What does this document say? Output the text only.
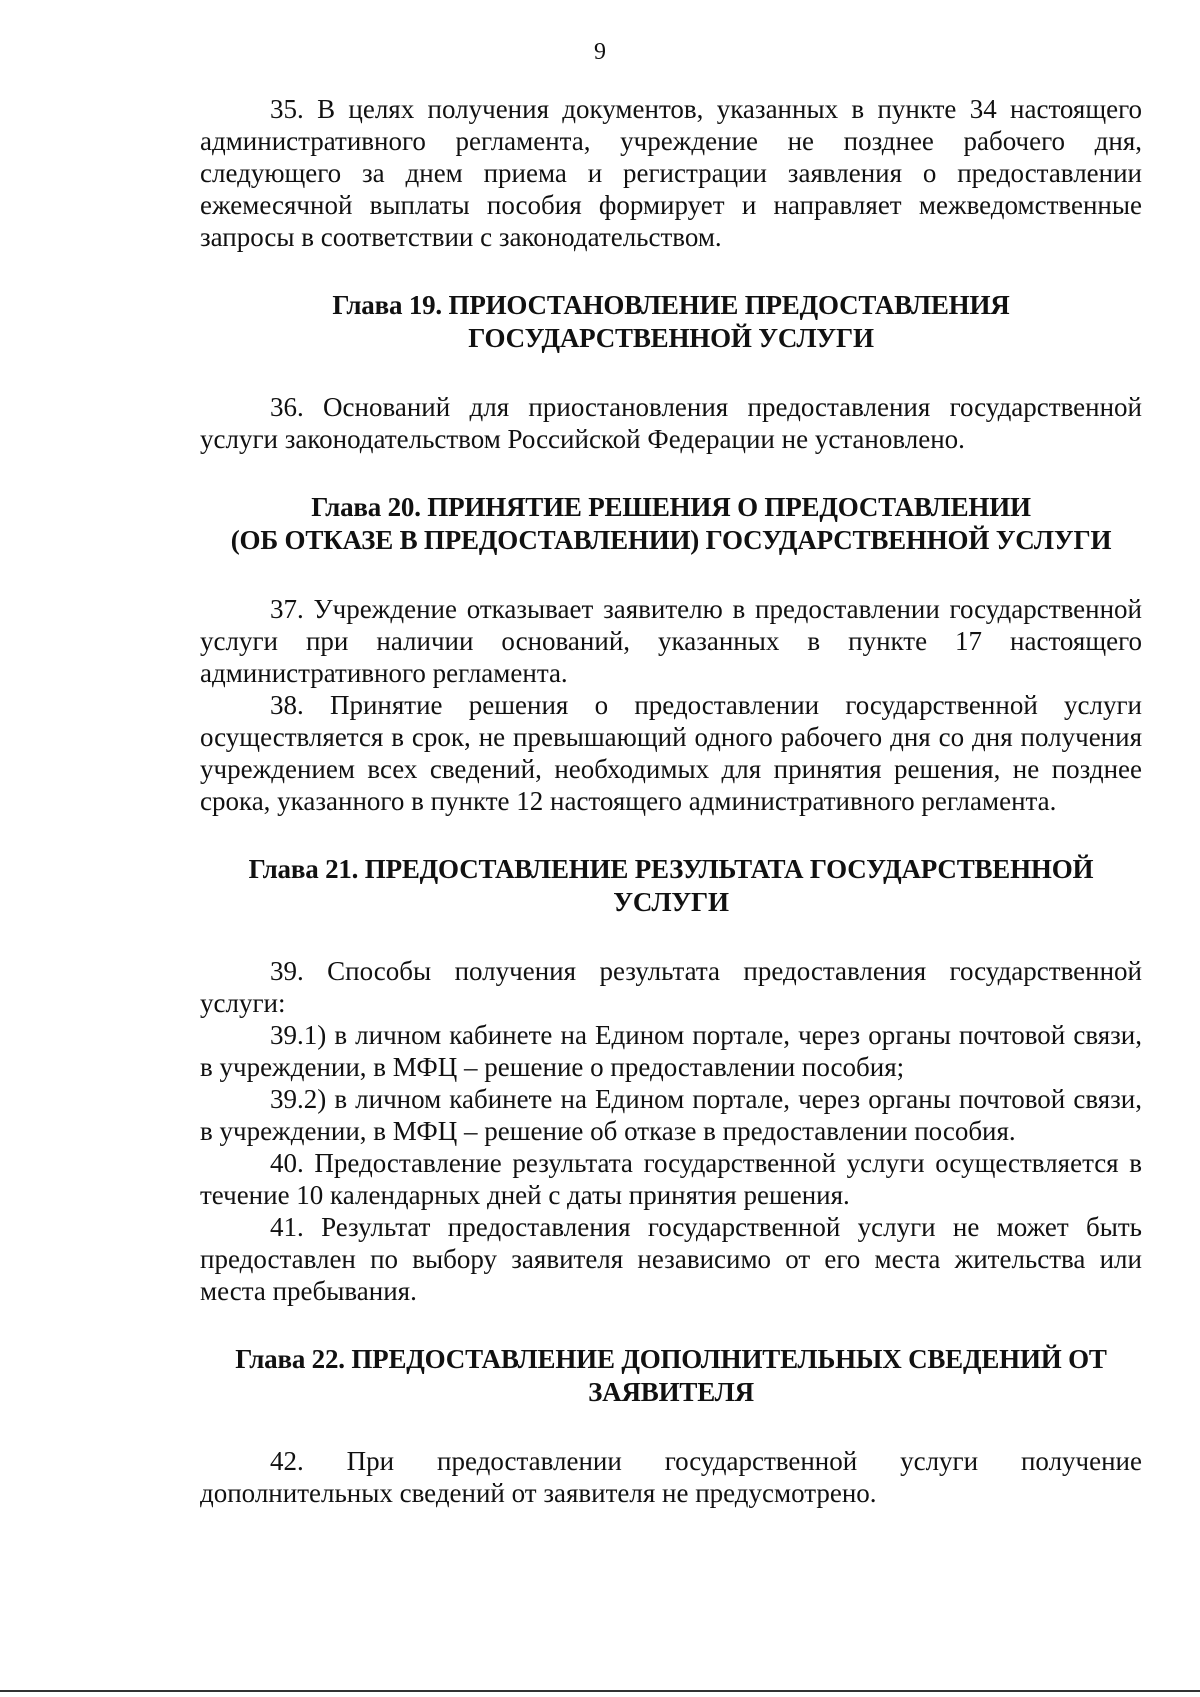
9

35. В целях получения документов, указанных в пункте 34 настоящего административного регламента, учреждение не позднее рабочего дня, следующего за днем приема и регистрации заявления о предоставлении ежемесячной выплаты пособия формирует и направляет межведомственные запросы в соответствии с законодательством.

Глава 19. ПРИОСТАНОВЛЕНИЕ ПРЕДОСТАВЛЕНИЯ
ГОСУДАРСТВЕННОЙ УСЛУГИ

36. Оснований для приостановления предоставления государственной услуги законодательством Российской Федерации не установлено.

Глава 20. ПРИНЯТИЕ РЕШЕНИЯ О ПРЕДОСТАВЛЕНИИ
(ОБ ОТКАЗЕ В ПРЕДОСТАВЛЕНИИ) ГОСУДАРСТВЕННОЙ УСЛУГИ

37. Учреждение отказывает заявителю в предоставлении государственной услуги при наличии оснований, указанных в пункте 17 настоящего административного регламента.

38. Принятие решения о предоставлении государственной услуги осуществляется в срок, не превышающий одного рабочего дня со дня получения учреждением всех сведений, необходимых для принятия решения, не позднее срока, указанного в пункте 12 настоящего административного регламента.

Глава 21. ПРЕДОСТАВЛЕНИЕ РЕЗУЛЬТАТА ГОСУДАРСТВЕННОЙ
УСЛУГИ

39. Способы получения результата предоставления государственной услуги:

39.1) в личном кабинете на Едином портале, через органы почтовой связи, в учреждении, в МФЦ – решение о предоставлении пособия;

39.2) в личном кабинете на Едином портале, через органы почтовой связи, в учреждении, в МФЦ – решение об отказе в предоставлении пособия.

40. Предоставление результата государственной услуги осуществляется в течение 10 календарных дней с даты принятия решения.

41. Результат предоставления государственной услуги не может быть предоставлен по выбору заявителя независимо от его места жительства или места пребывания.

Глава 22. ПРЕДОСТАВЛЕНИЕ ДОПОЛНИТЕЛЬНЫХ СВЕДЕНИЙ ОТ
ЗАЯВИТЕЛЯ

42. При предоставлении государственной услуги получение дополнительных сведений от заявителя не предусмотрено.
